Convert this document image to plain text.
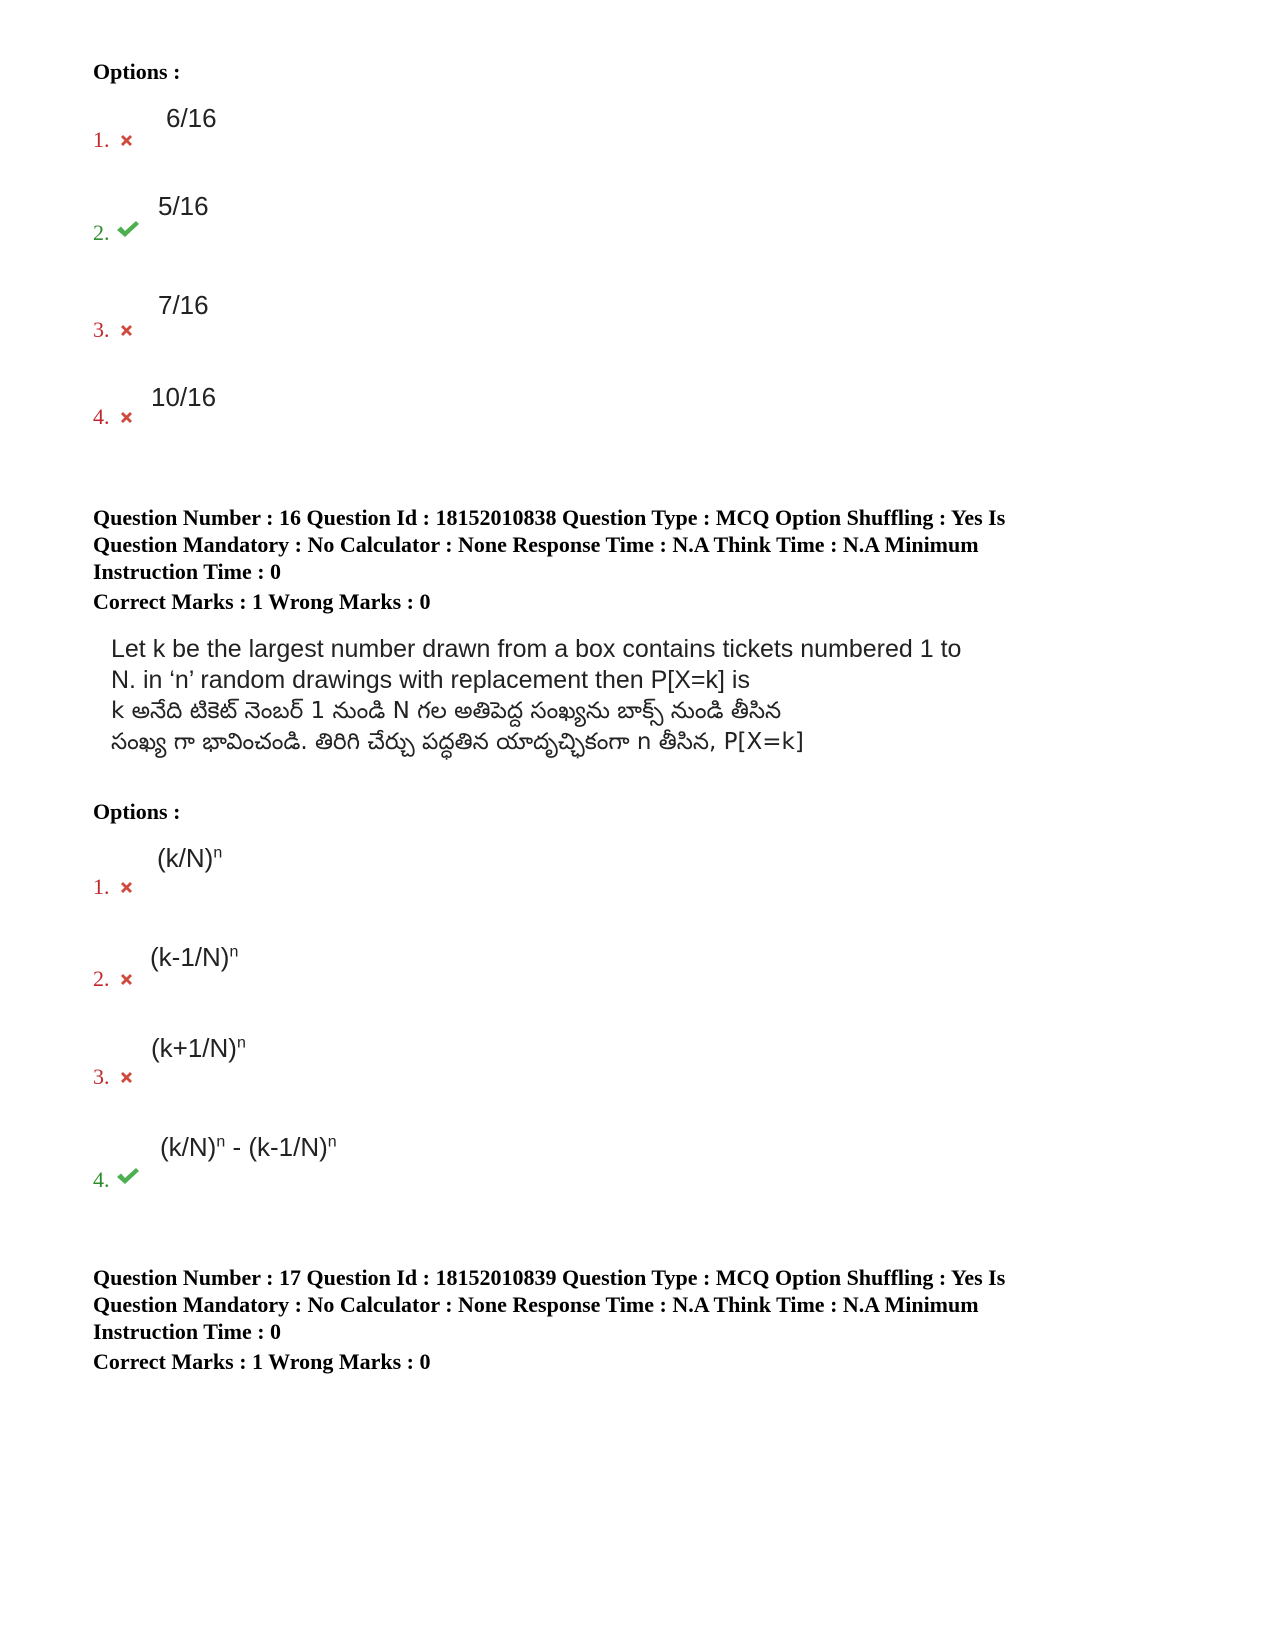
Options :
1.
6/16
2.
5/16
3.
7/16
4.
10/16
Question Number : 16 Question Id : 18152010838 Question Type : MCQ Option Shuffling : Yes Is
Question Mandatory : No Calculator : None Response Time : N.A Think Time : N.A Minimum
Instruction Time : 0
Correct Marks : 1 Wrong Marks : 0
Let k be the largest number drawn from a box contains tickets numbered 1 to
N. in ‘n’ random drawings with replacement then P[X=k] is
k అనేది టికెట్ నెంబర్ 1 నుండి N గల అతిపెద్ద సంఖ్యను బాక్స్ నుండి తీసిన
సంఖ్య గా భావించండి. తిరిగి చేర్చు పద్ధతిన యాదృచ్ఛికంగా n తీసిన, P[X=k]
Options :
1.
$(k/N)^n$
2.
$(k-1/N)^n$
3.
$(k+1/N)^n$
4.
$(k/N)^n - (k-1/N)^n$
Question Number : 17 Question Id : 18152010839 Question Type : MCQ Option Shuffling : Yes Is
Question Mandatory : No Calculator : None Response Time : N.A Think Time : N.A Minimum
Instruction Time : 0
Correct Marks : 1 Wrong Marks : 0
